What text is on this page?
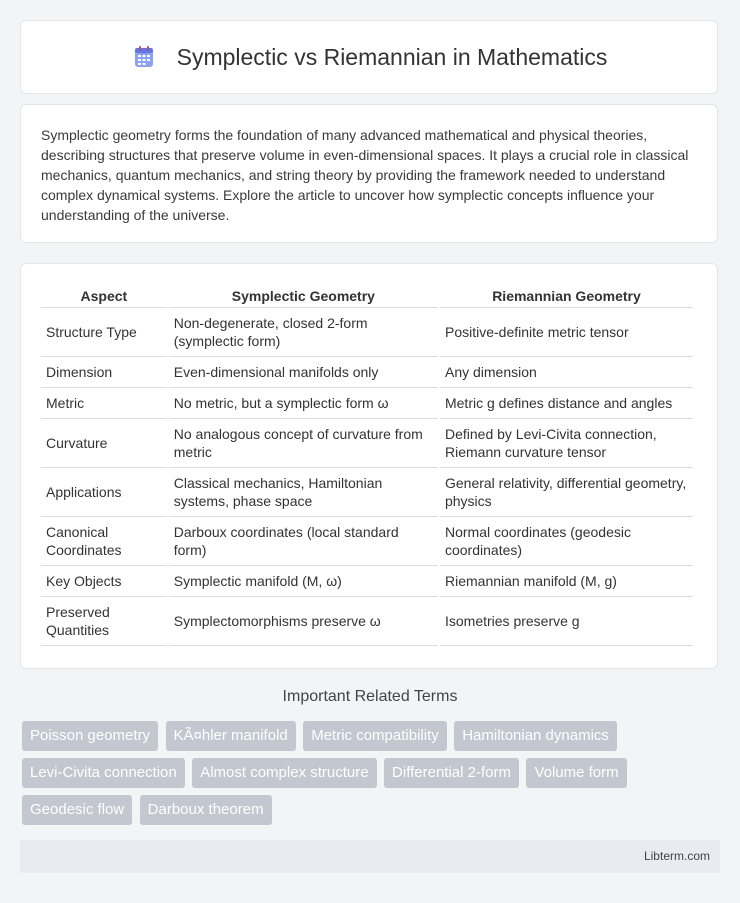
Symplectic vs Riemannian in Mathematics

Symplectic geometry forms the foundation of many advanced mathematical and physical theories, describing structures that preserve volume in even-dimensional spaces. It plays a crucial role in classical mechanics, quantum mechanics, and string theory by providing the framework needed to understand complex dynamical systems. Explore the article to uncover how symplectic concepts influence your understanding of the universe.

Aspect	Symplectic Geometry	Riemannian Geometry
Structure Type	Non-degenerate, closed 2-form (symplectic form)	Positive-definite metric tensor
Dimension	Even-dimensional manifolds only	Any dimension
Metric	No metric, but a symplectic form ω	Metric g defines distance and angles
Curvature	No analogous concept of curvature from metric	Defined by Levi-Civita connection, Riemann curvature tensor
Applications	Classical mechanics, Hamiltonian systems, phase space	General relativity, differential geometry, physics
Canonical Coordinates	Darboux coordinates (local standard form)	Normal coordinates (geodesic coordinates)
Key Objects	Symplectic manifold (M, ω)	Riemannian manifold (M, g)
Preserved Quantities	Symplectomorphisms preserve ω	Isometries preserve g
Important Related Terms
Poisson geometry KÃ¤hler manifold Metric compatibility Hamiltonian dynamics Levi-Civita connection Almost complex structure Differential 2-form Volume form Geodesic flow Darboux theorem
Libterm.com
